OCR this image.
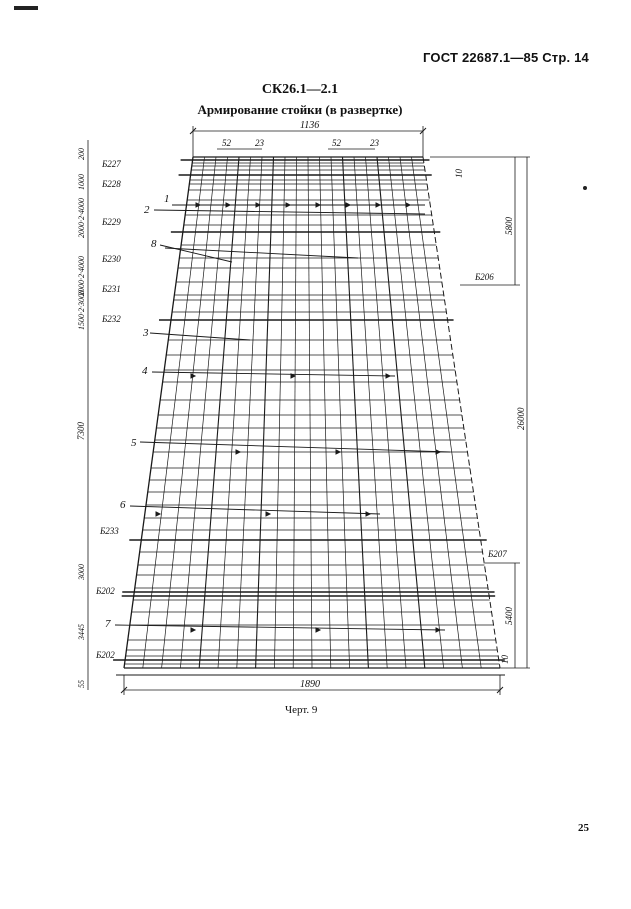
ГОСТ 22687.1—85 Стр. 14
СК26.1—2.1
Армирование стойки (в развертке)
1136
52	23	52	23
1890
10
10
5800
26000
5400
200
1000
2000·2·4000
2000·2·4000
1500·2·3000
7300
3000
3445
55
Б227
Б228
Б229
Б230
Б231
Б232
Б233
Б202
Б202
Б206
Б207
1
2
3
4
5
6
7
8
Черт. 9
25
